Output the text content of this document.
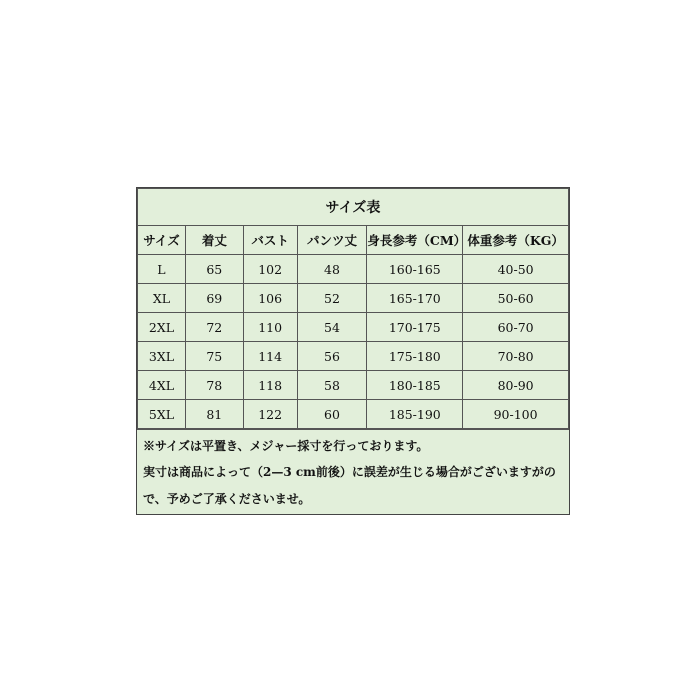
サイズ表					
サイズ	着丈	バスト	パンツ丈	身長参考（CM）	体重参考（KG）
L	65	102	48	160-165	40-50
XL	69	106	52	165-170	50-60
2XL	72	110	54	170-175	60-70
3XL	75	114	56	175-180	70-80
4XL	78	118	58	180-185	80-90
5XL	81	122	60	185-190	90-100

※サイズは平置き、メジャー採寸を行っております。

実寸は商品によって（2—3 cm前後）に誤差が生じる場合がございますがので、予めご了承くださいませ。
